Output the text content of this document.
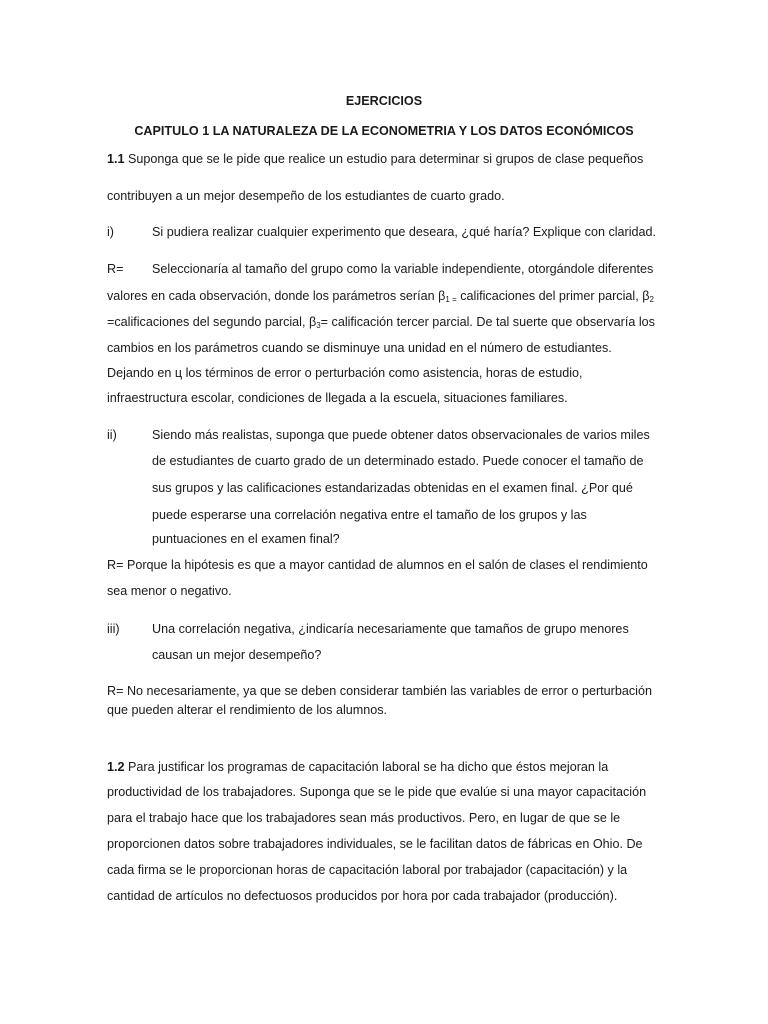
EJERCICIOS
CAPITULO 1 LA NATURALEZA DE LA ECONOMETRIA Y LOS DATOS ECONÓMICOS
1.1 Suponga que se le pide que realice un estudio para determinar si grupos de clase pequeños
contribuyen a un mejor desempeño de los estudiantes de cuarto grado.
i)	Si pudiera realizar cualquier experimento que deseara, ¿qué haría? Explique con claridad.
R= Seleccionaría al tamaño del grupo como la variable independiente, otorgándole diferentes
valores en cada observación, donde los parámetros serían $\beta_{1 =}$ calificaciones del primer parcial, $\beta_2$
=calificaciones del segundo parcial, $\beta_3=$ calificación tercer parcial. De tal suerte que observaría los
cambios en los parámetros cuando se disminuye una unidad en el número de estudiantes.
Dejando en ц los términos de error o perturbación como asistencia, horas de estudio,
infraestructura escolar, condiciones de llegada a la escuela, situaciones familiares.
ii)	Siendo más realistas, suponga que puede obtener datos observacionales de varios miles
de estudiantes de cuarto grado de un determinado estado. Puede conocer el tamaño de
sus grupos y las calificaciones estandarizadas obtenidas en el examen final. ¿Por qué
puede esperarse una correlación negativa entre el tamaño de los grupos y las
puntuaciones en el examen final?
R= Porque la hipótesis es que a mayor cantidad de alumnos en el salón de clases el rendimiento
sea menor o negativo.
iii)	Una correlación negativa, ¿indicaría necesariamente que tamaños de grupo menores
causan un mejor desempeño?
R= No necesariamente, ya que se deben considerar también las variables de error o perturbación
que pueden alterar el rendimiento de los alumnos.
1.2 Para justificar los programas de capacitación laboral se ha dicho que éstos mejoran la
productividad de los trabajadores. Suponga que se le pide que evalúe si una mayor capacitación
para el trabajo hace que los trabajadores sean más productivos. Pero, en lugar de que se le
proporcionen datos sobre trabajadores individuales, se le facilitan datos de fábricas en Ohio. De
cada firma se le proporcionan horas de capacitación laboral por trabajador (capacitación) y la
cantidad de artículos no defectuosos producidos por hora por cada trabajador (producción).
